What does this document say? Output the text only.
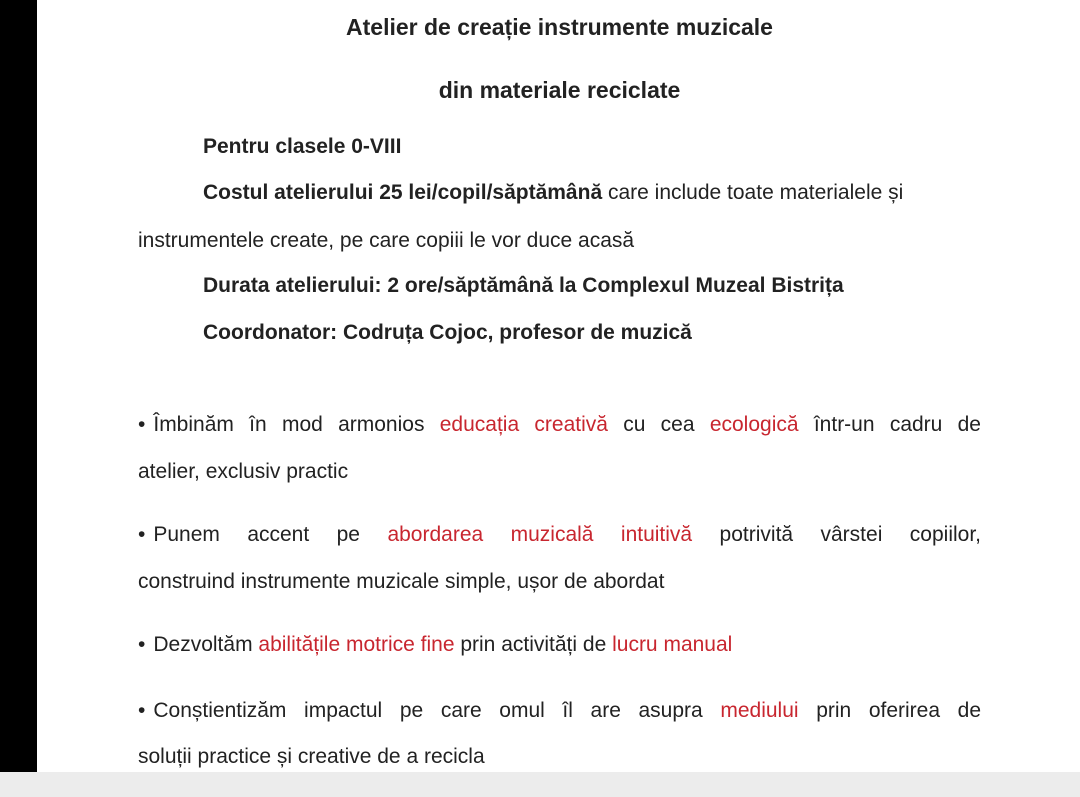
Atelier de creație instrumente muzicale
din materiale reciclate
Pentru clasele 0-VIII
Costul atelierului 25 lei/copil/săptămână care include toate materialele și
instrumentele create, pe care copiii le vor duce acasă
Durata atelierului: 2 ore/săptămână la Complexul Muzeal Bistrița
Coordonator: Codruța Cojoc, profesor de muzică
• Îmbinăm în mod armonios educația creativă cu cea ecologică într-un cadru de
atelier, exclusiv practic
• Punem accent pe abordarea muzicală intuitivă potrivită vârstei copiilor,
construind instrumente muzicale simple, ușor de abordat
• Dezvoltăm abilitățile motrice fine prin activități de lucru manual
• Conștientizăm impactul pe care omul îl are asupra mediului prin oferirea de
soluții practice și creative de a recicla
